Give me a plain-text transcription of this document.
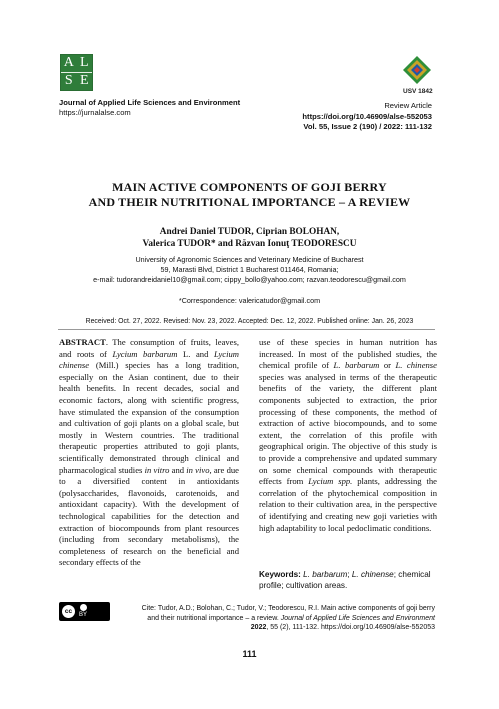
A L
S E
USV 1842
Journal of Applied Life Sciences and Environment
https://jurnalalse.com
Review Article
https://doi.org/10.46909/alse-552053
Vol. 55, Issue 2 (190) / 2022: 111-132
MAIN ACTIVE COMPONENTS OF GOJI BERRY
AND THEIR NUTRITIONAL IMPORTANCE – A REVIEW
Andrei Daniel TUDOR, Ciprian BOLOHAN,
Valerica TUDOR* and Răzvan Ionuţ TEODORESCU
University of Agronomic Sciences and Veterinary Medicine of Bucharest
59, Marasti Blvd, District 1 Bucharest 011464, Romania;
e-mail: tudorandreidaniel10@gmail.com; cippy_bollo@yahoo.com; razvan.teodorescu@gmail.com
*Correspondence: valericatudor@gmail.com
Received: Oct. 27, 2022. Revised: Nov. 23, 2022. Accepted: Dec. 12, 2022. Published online: Jan. 26, 2023
ABSTRACT. The consumption of fruits, leaves, and roots of Lycium barbarum L. and Lycium chinense (Mill.) species has a long tradition, especially on the Asian continent, due to their health benefits. In recent decades, social and economic factors, along with scientific progress, have stimulated the expansion of the consumption and cultivation of goji plants on a global scale, but mostly in Western countries. The traditional therapeutic properties attributed to goji plants, scientifically demonstrated through clinical and pharmacological studies in vitro and in vivo, are due to a diversified content in antioxidants (polysaccharides, flavonoids, carotenoids, and antioxidant capacity). With the development of technological capabilities for the detection and extraction of biocompounds from plant resources (including from secondary metabolisms), the completeness of research on the beneficial and secondary effects of the
use of these species in human nutrition has increased. In most of the published studies, the chemical profile of L. barbarum or L. chinense species was analysed in terms of the therapeutic benefits of the variety, the different plant components subjected to extraction, the prior processing of these components, the method of extraction of active biocompounds, and to some extent, the correlation of this profile with geographical origin. The objective of this study is to provide a comprehensive and updated summary on some chemical compounds with therapeutic effects from Lycium spp. plants, addressing the correlation of the phytochemical composition in relation to their cultivation area, in the perspective of identifying and creating new goji varieties with high adaptability to local pedoclimatic conditions.
Keywords: L. barbarum; L. chinense; chemical profile; cultivation areas.
cc	BY
Cite: Tudor, A.D.; Bolohan, C.; Tudor, V.; Teodorescu, R.I. Main active components of goji berry and their nutritional importance – a review. Journal of Applied Life Sciences and Environment 2022, 55 (2), 111-132. https://doi.org/10.46909/alse-552053
111
